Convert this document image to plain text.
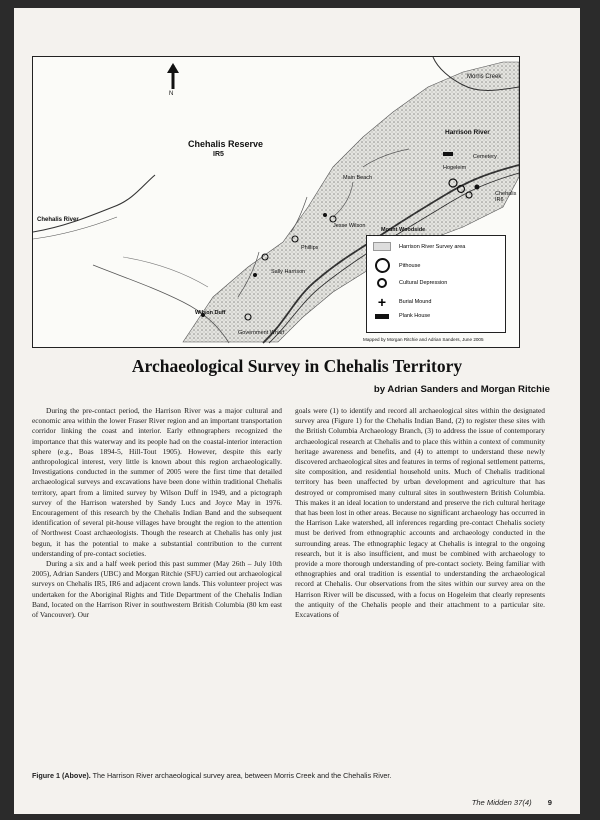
N
Chehalis Reserve
IR5
Morris Creek
Harrison River
Chehalis River
Cemetery
Hogeleim
Chehalis IR6
Main Beach
Mount Woodside
Jesse Wilson
Phillips
Sally Harrison
Wilson Duff
Government Wharf
Harrison River Survey area
Pithouse
Cultural Depression
+	Burial Mound
Plank House
Mapped by Morgan Ritchie and Adrian Sanders, June 2005
Archaeological Survey in Chehalis Territory
by Adrian Sanders and Morgan Ritchie

During the pre-contact period, the Harrison River was a major cultural and economic area within the lower Fraser River region and an important transportation corridor linking the coast and interior. Early ethnographers recognized the importance that this waterway and its people had on the coastal-interior interaction sphere (e.g., Boas 1894-5, Hill-Tout 1905). However, despite this early anthropological interest, very little is known about this region archaeologically. Investigations conducted in the summer of 2005 were the first time that detailed archaeological surveys and excavations have been done within traditional Chehalis territory, apart from a limited survey by Wilson Duff in 1949, and a pictograph survey of the Harrison watershed by Sandy Lucs and Joyce May in 1976. Encouragement of this research by the Chehalis Indian Band and the subsequent identification of several pit-house villages have brought the region to the attention of Northwest Coast archaeologists. Though the research at Chehalis has only just begun, it has the potential to make a substantial contribution to the current understanding of pre-contact societies.

During a six and a half week period this past summer (May 26th – July 10th 2005), Adrian Sanders (UBC) and Morgan Ritchie (SFU) carried out archaeological surveys on Chehalis IR5, IR6 and adjacent crown lands. This volunteer project was undertaken for the Aboriginal Rights and Title Department of the Chehalis Indian Band, located on the Harrison River in southwestern British Columbia (80 km east of Vancouver). Our

goals were (1) to identify and record all archaeological sites within the designated survey area (Figure 1) for the Chehalis Indian Band, (2) to register these sites with the British Columbia Archaeology Branch, (3) to address the issue of contemporary archaeological research at Chehalis and to place this within a context of community heritage awareness and benefits, and (4) to attempt to understand these newly discovered archaeological sites and features in terms of regional settlement patterns, site composition, and residential household units. Much of Chehalis traditional territory has been unaffected by urban development and agriculture that has destroyed or compromised many cultural sites in southwestern British Columbia. This makes it an ideal location to understand and preserve the rich cultural heritage that has been lost in other areas. Because no significant archaeology has occurred in the Harrison Lake watershed, all inferences regarding pre-contact Chehalis society must be derived from ethnographic accounts and archaeology conducted in the surrounding areas. The ethnographic legacy at Chehalis is integral to the ongoing research, but it is also insufficient, and must be combined with archaeology to provide a more thorough understanding of pre-contact society. Being familiar with ethnographies and oral tradition is essential to understanding the archaeological record at Chehalis. Our observations from the sites within our survey area on the Harrison River will be discussed, with a focus on Hogeleim that clearly represents the antiquity of the Chehalis people and their attachment to a particular site. Excavations of

Figure 1 (Above). The Harrison River archaeological survey area, between Morris Creek and the Chehalis River.
The Midden 37(4) 9
